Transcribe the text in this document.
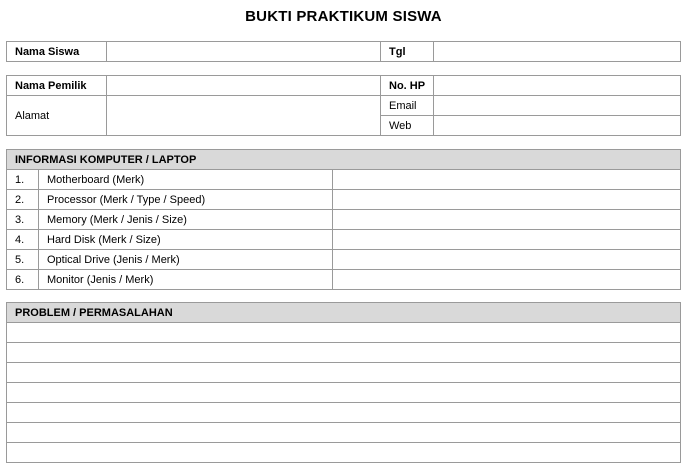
BUKTI PRAKTIKUM SISWA
Nama Siswa		Tgl	
Nama Pemilik		No. HP	
Alamat		Email	
		Web	
INFORMASI KOMPUTER / LAPTOP		
1.	Motherboard (Merk)	
2.	Processor (Merk / Type / Speed)	
3.	Memory (Merk / Jenis / Size)	
4.	Hard Disk (Merk / Size)	
5.	Optical Drive (Jenis / Merk)	
6.	Monitor (Jenis / Merk)	
PROBLEM / PERMASALAHAN
